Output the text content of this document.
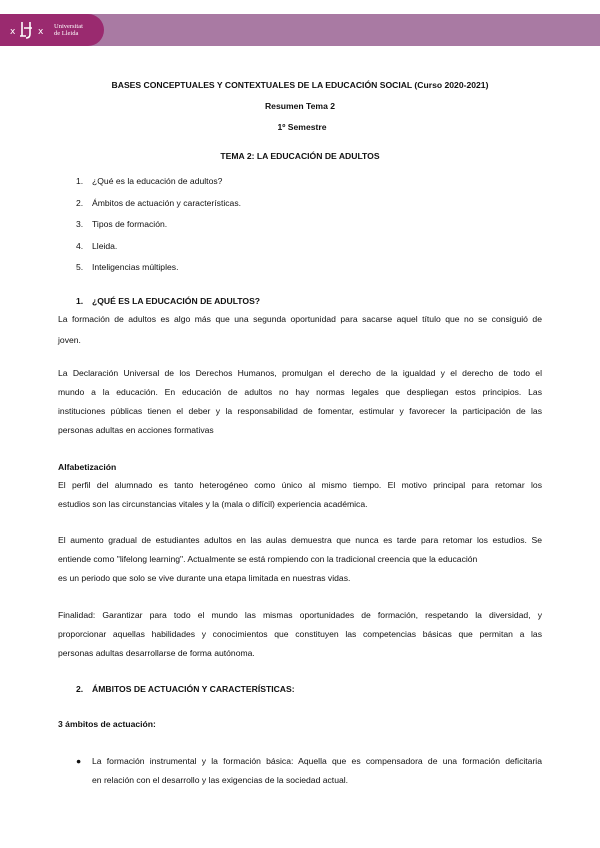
x	x
Universitat
de Lleida
BASES CONCEPTUALES Y CONTEXTUALES DE LA EDUCACIÓN SOCIAL (Curso 2020-2021)
Resumen Tema 2
1º Semestre
TEMA 2: LA EDUCACIÓN DE ADULTOS
1. ¿Qué es la educación de adultos?
2. Ámbitos de actuación y características.
3. Tipos de formación.
4. Lleida.
5. Inteligencias múltiples.
1. ¿QUÉ ES LA EDUCACIÓN DE ADULTOS?
La formación de adultos es algo más que una segunda oportunidad para sacarse aquel título que no se consiguió de
joven.
La Declaración Universal de los Derechos Humanos, promulgan el derecho de la igualdad y el derecho de todo el
mundo a la educación. En educación de adultos no hay normas legales que despliegan estos principios. Las
instituciones públicas tienen el deber y la responsabilidad de fomentar, estimular y favorecer la participación de las
personas adultas en acciones formativas
Alfabetización
El perfil del alumnado es tanto heterogéneo como único al mismo tiempo. El motivo principal para retomar los
estudios son las circunstancias vitales y la (mala o difícil) experiencia académica.
El aumento gradual de estudiantes adultos en las aulas demuestra que nunca es tarde para retomar los estudios. Se
entiende como "lifelong learning". Actualmente se está rompiendo con la tradicional creencia que la educación
es un periodo que solo se vive durante una etapa limitada en nuestras vidas.
Finalidad: Garantizar para todo el mundo las mismas oportunidades de formación, respetando la diversidad, y
proporcionar aquellas habilidades y conocimientos que constituyen las competencias básicas que permitan a las
personas adultas desarrollarse de forma autónoma.
2. ÁMBITOS DE ACTUACIÓN Y CARACTERÍSTICAS:
3 ámbitos de actuación:
● La formación instrumental y la formación básica: Aquella que es compensadora de una formación deficitaria
en relación con el desarrollo y las exigencias de la sociedad actual.
